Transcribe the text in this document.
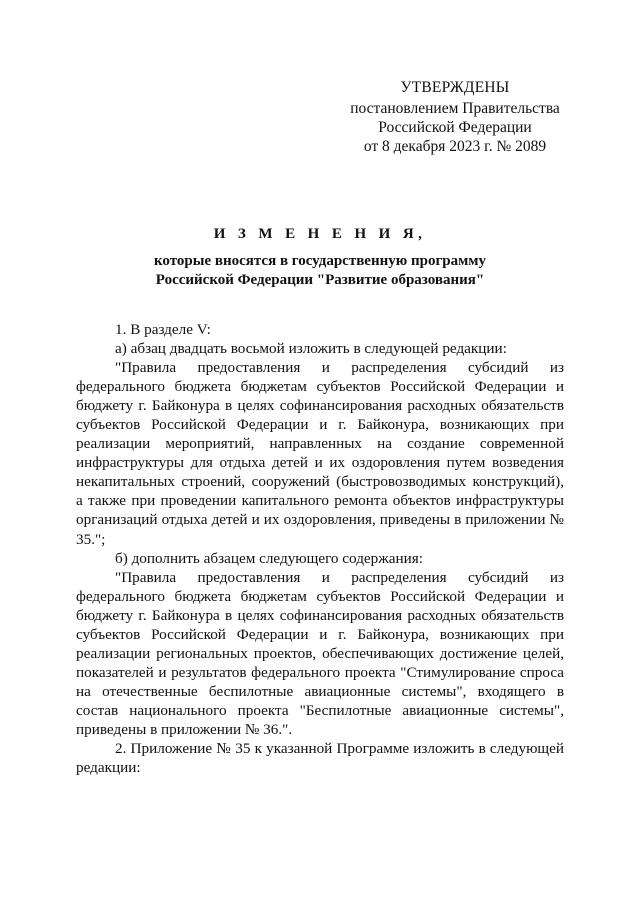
УТВЕРЖДЕНЫ
постановлением Правительства
Российской Федерации
от 8 декабря 2023 г. № 2089
И З М Е Н Е Н И Я,
которые вносятся в государственную программу
Российской Федерации "Развитие образования"

1. В разделе V:

а) абзац двадцать восьмой изложить в следующей редакции:

"Правила предоставления и распределения субсидий из федерального бюджета бюджетам субъектов Российской Федерации и бюджету г. Байконура в целях софинансирования расходных обязательств субъектов Российской Федерации и г. Байконура, возникающих при реализации мероприятий, направленных на создание современной инфраструктуры для отдыха детей и их оздоровления путем возведения некапитальных строений, сооружений (быстровозводимых конструкций), а также при проведении капитального ремонта объектов инфраструктуры организаций отдыха детей и их оздоровления, приведены в приложении № 35.";

б) дополнить абзацем следующего содержания:

"Правила предоставления и распределения субсидий из федерального бюджета бюджетам субъектов Российской Федерации и бюджету г. Байконура в целях софинансирования расходных обязательств субъектов Российской Федерации и г. Байконура, возникающих при реализации региональных проектов, обеспечивающих достижение целей, показателей и результатов федерального проекта "Стимулирование спроса на отечественные беспилотные авиационные системы", входящего в состав национального проекта "Беспилотные авиационные системы", приведены в приложении № 36.".

2. Приложение № 35 к указанной Программе изложить в следующей редакции:
